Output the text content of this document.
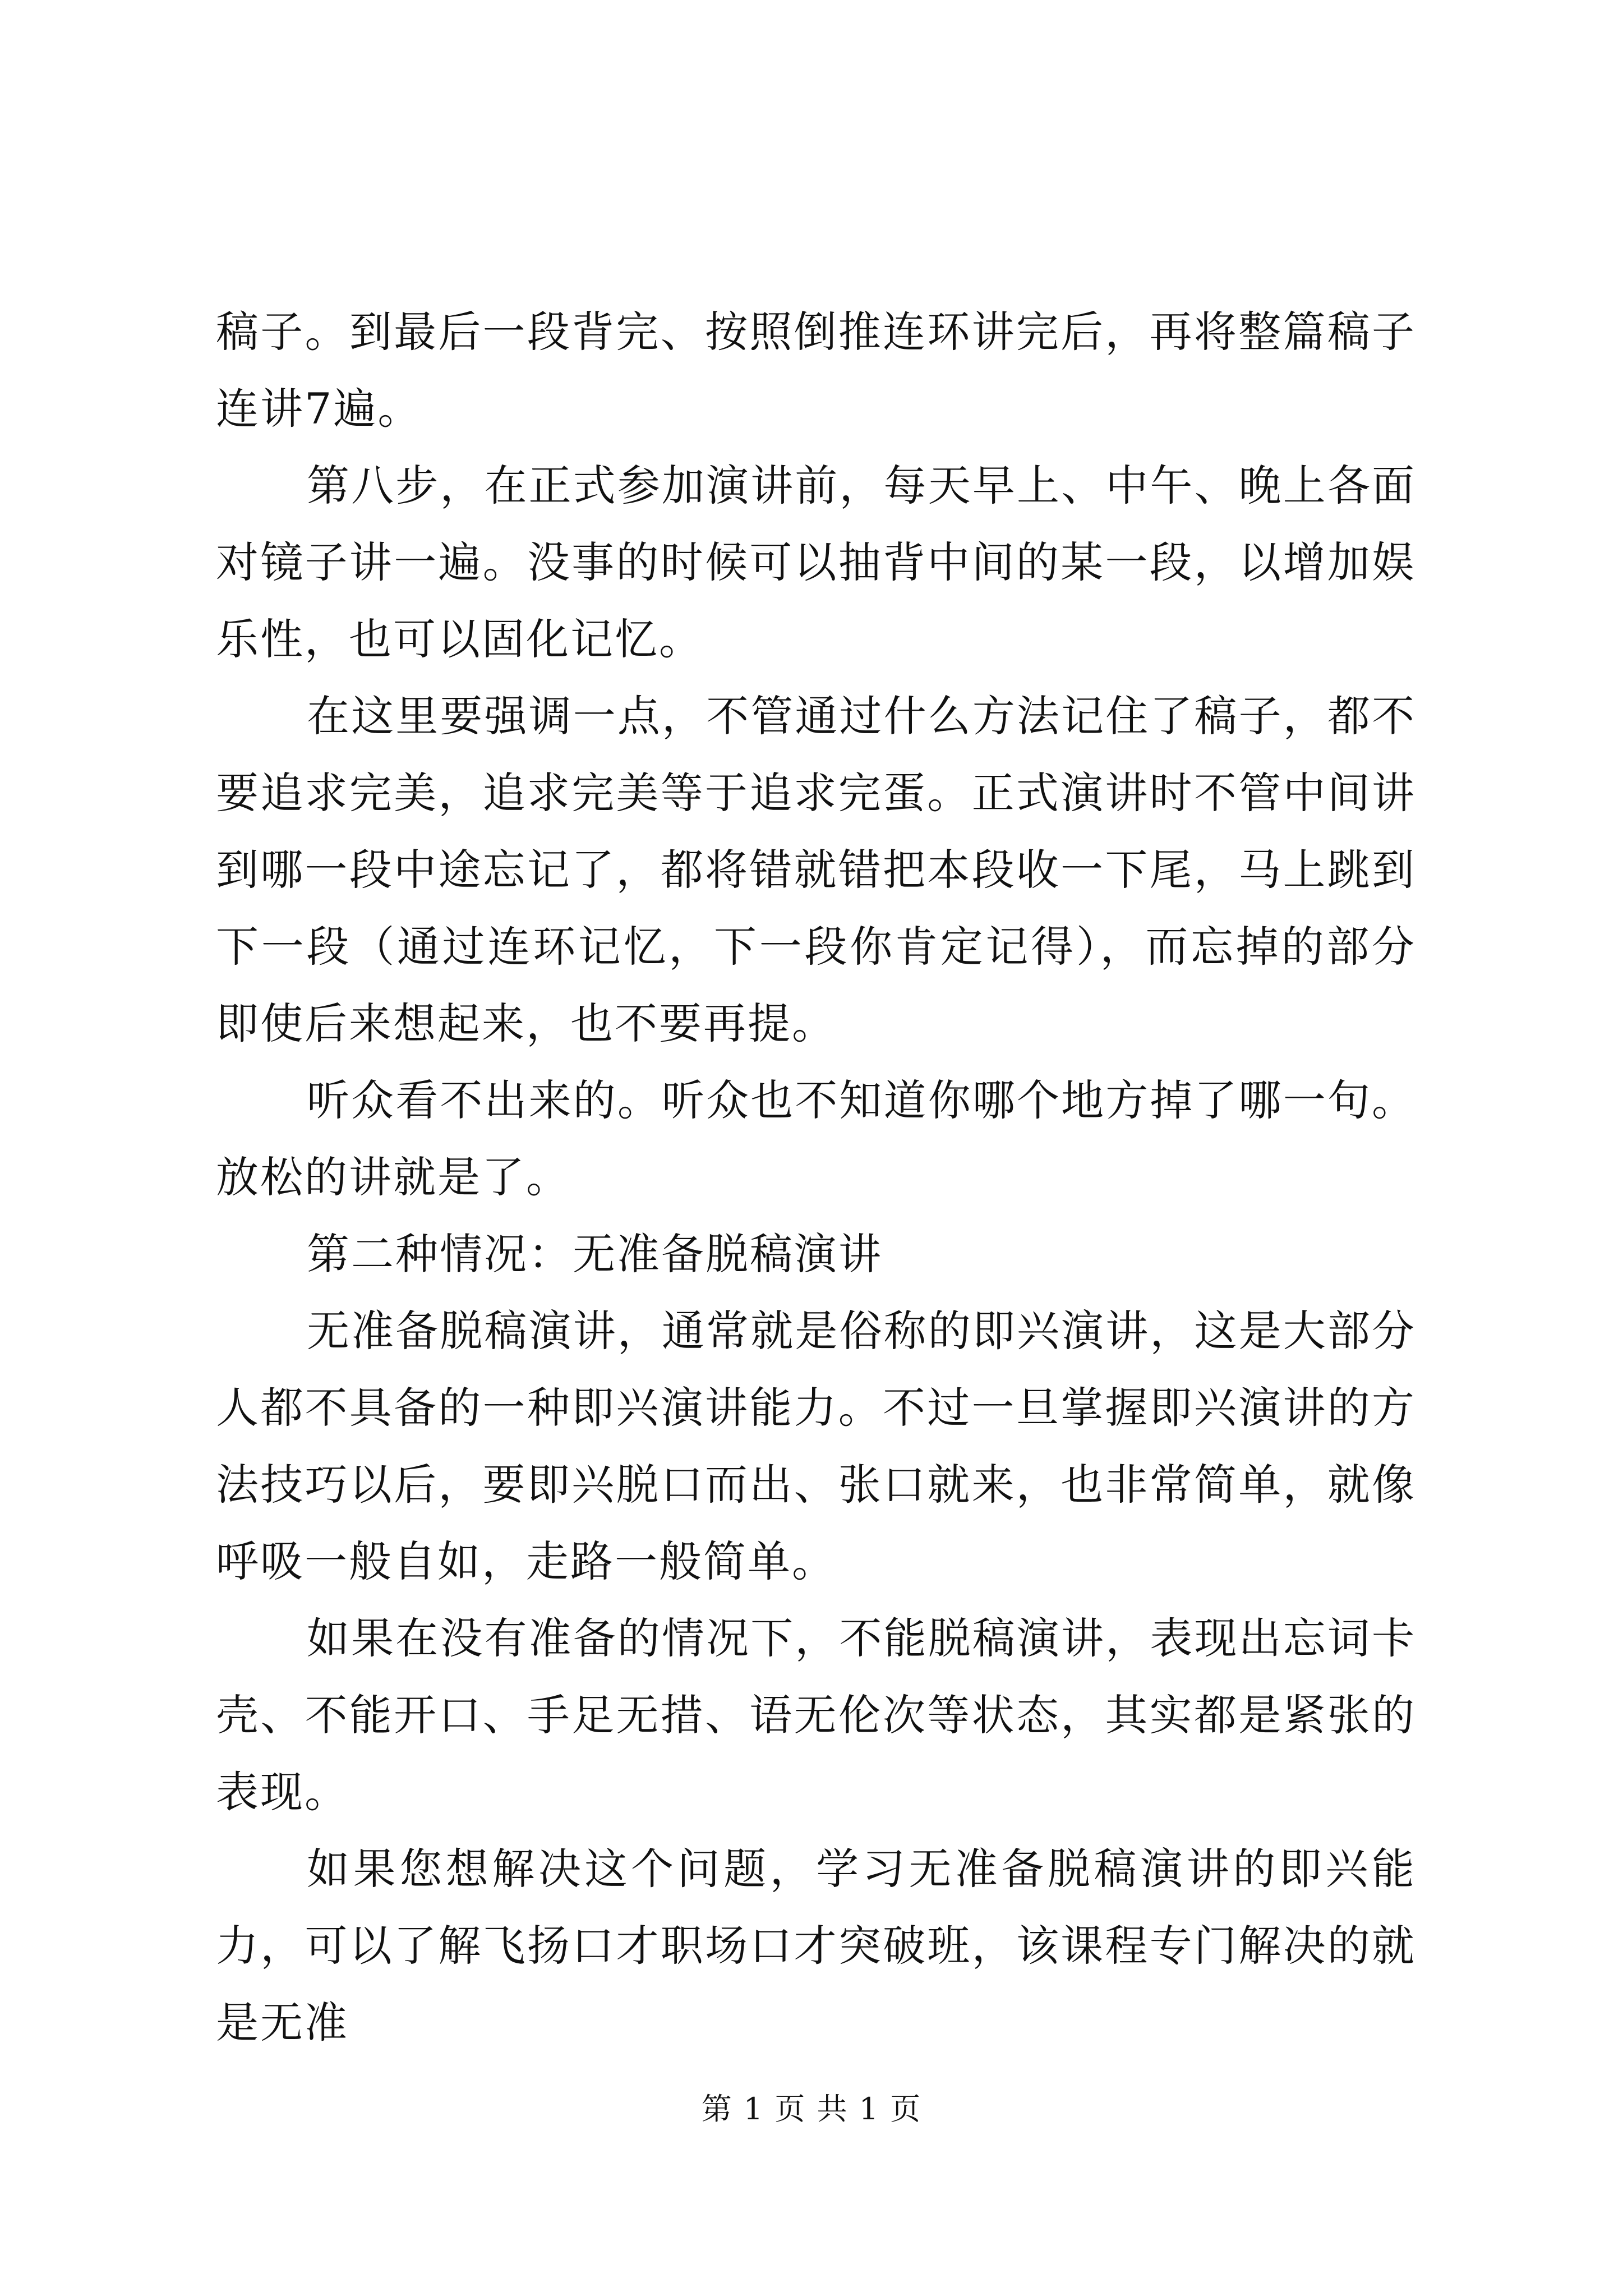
稿子。到最后一段背完、按照倒推连环讲完后，再将整篇稿子连讲7遍。

第八步，在正式参加演讲前，每天早上、中午、晚上各面对镜子讲一遍。没事的时候可以抽背中间的某一段，以增加娱乐性，也可以固化记忆。

在这里要强调一点，不管通过什么方法记住了稿子，都不要追求完美，追求完美等于追求完蛋。正式演讲时不管中间讲到哪一段中途忘记了，都将错就错把本段收一下尾，马上跳到下一段（通过连环记忆，下一段你肯定记得），而忘掉的部分即使后来想起来，也不要再提。

听众看不出来的。听众也不知道你哪个地方掉了哪一句。放松的讲就是了。

第二种情况：无准备脱稿演讲

无准备脱稿演讲，通常就是俗称的即兴演讲，这是大部分人都不具备的一种即兴演讲能力。不过一旦掌握即兴演讲的方法技巧以后，要即兴脱口而出、张口就来，也非常简单，就像呼吸一般自如，走路一般简单。

如果在没有准备的情况下，不能脱稿演讲，表现出忘词卡壳、不能开口、手足无措、语无伦次等状态，其实都是紧张的表现。

如果您想解决这个问题，学习无准备脱稿演讲的即兴能力，可以了解飞扬口才职场口才突破班，该课程专门解决的就是无准

第 1 页 共 1 页
